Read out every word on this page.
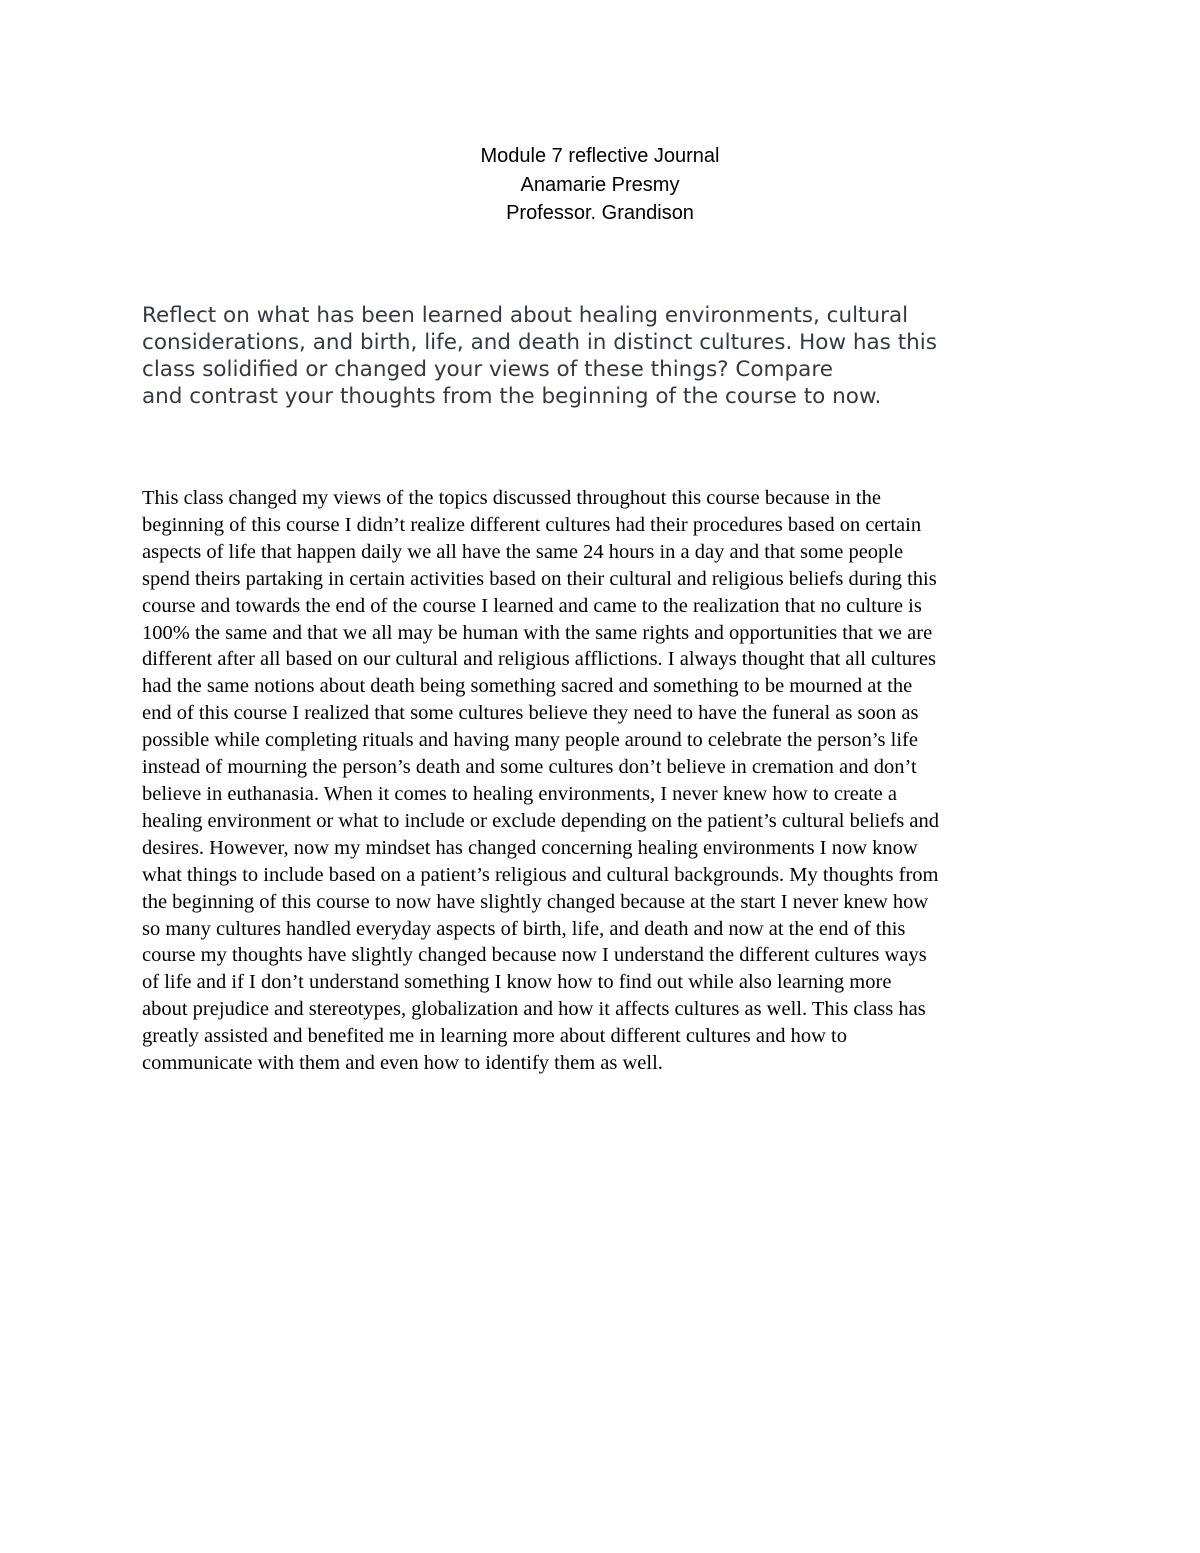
Module 7 reflective Journal
Anamarie Presmy
Professor. Grandison
Reflect on what has been learned about healing environments, cultural
considerations, and birth, life, and death in distinct cultures. How has this
class solidified or changed your views of these things? Compare
and contrast your thoughts from the beginning of the course to now.
This class changed my views of the topics discussed throughout this course because in the
beginning of this course I didn’t realize different cultures had their procedures based on certain
aspects of life that happen daily we all have the same 24 hours in a day and that some people
spend theirs partaking in certain activities based on their cultural and religious beliefs during this
course and towards the end of the course I learned and came to the realization that no culture is
100% the same and that we all may be human with the same rights and opportunities that we are
different after all based on our cultural and religious afflictions. I always thought that all cultures
had the same notions about death being something sacred and something to be mourned at the
end of this course I realized that some cultures believe they need to have the funeral as soon as
possible while completing rituals and having many people around to celebrate the person’s life
instead of mourning the person’s death and some cultures don’t believe in cremation and don’t
believe in euthanasia. When it comes to healing environments, I never knew how to create a
healing environment or what to include or exclude depending on the patient’s cultural beliefs and
desires. However, now my mindset has changed concerning healing environments I now know
what things to include based on a patient’s religious and cultural backgrounds. My thoughts from
the beginning of this course to now have slightly changed because at the start I never knew how
so many cultures handled everyday aspects of birth, life, and death and now at the end of this
course my thoughts have slightly changed because now I understand the different cultures ways
of life and if I don’t understand something I know how to find out while also learning more
about prejudice and stereotypes, globalization and how it affects cultures as well. This class has
greatly assisted and benefited me in learning more about different cultures and how to
communicate with them and even how to identify them as well.
